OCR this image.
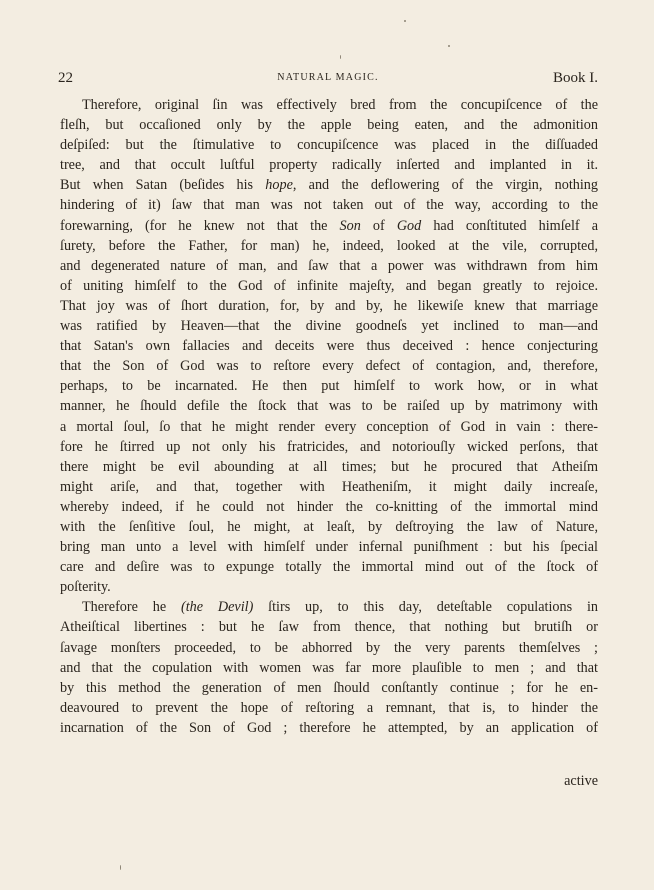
22	NATURAL MAGIC.	Book I.
Therefore, original ſin was effectively bred from the concupiſcence of the
fleſh, but occaſioned only by the apple being eaten, and the admonition
deſpiſed: but the ſtimulative to concupiſcence was placed in the diſſuaded
tree, and that occult luſtful property radically inſerted and implanted in it.
But when Satan (beſides his hope, and the deflowering of the virgin, nothing
hindering of it) ſaw that man was not taken out of the way, according to the
forewarning, (for he knew not that the Son of God had conſtituted himſelf a
ſurety, before the Father, for man) he, indeed, looked at the vile, corrupted,
and degenerated nature of man, and ſaw that a power was withdrawn from him
of uniting himſelf to the God of infinite majeſty, and began greatly to rejoice.
That joy was of ſhort duration, for, by and by, he likewiſe knew that marriage
was ratified by Heaven—that the divine goodneſs yet inclined to man—and
that Satan's own fallacies and deceits were thus deceived : hence conjecturing
that the Son of God was to reſtore every defect of contagion, and, therefore,
perhaps, to be incarnated. He then put himſelf to work how, or in what
manner, he ſhould defile the ſtock that was to be raiſed up by matrimony with
a mortal ſoul, ſo that he might render every conception of God in vain : there-
fore he ſtirred up not only his fratricides, and notoriouſly wicked perſons, that
there might be evil abounding at all times; but he procured that Atheiſm
might ariſe, and that, together with Heatheniſm, it might daily increaſe,
whereby indeed, if he could not hinder the co-knitting of the immortal mind
with the ſenſitive ſoul, he might, at leaſt, by deſtroying the law of Nature,
bring man unto a level with himſelf under infernal puniſhment : but his ſpecial
care and deſire was to expunge totally the immortal mind out of the ſtock of
poſterity.
Therefore he (the Devil) ſtirs up, to this day, deteſtable copulations in
Atheiſtical libertines : but he ſaw from thence, that nothing but brutiſh or
ſavage monſters proceeded, to be abhorred by the very parents themſelves ;
and that the copulation with women was far more plauſible to men ; and that
by this method the generation of men ſhould conſtantly continue ; for he en-
deavoured to prevent the hope of reſtoring a remnant, that is, to hinder the
incarnation of the Son of God ; therefore he attempted, by an application of
active
